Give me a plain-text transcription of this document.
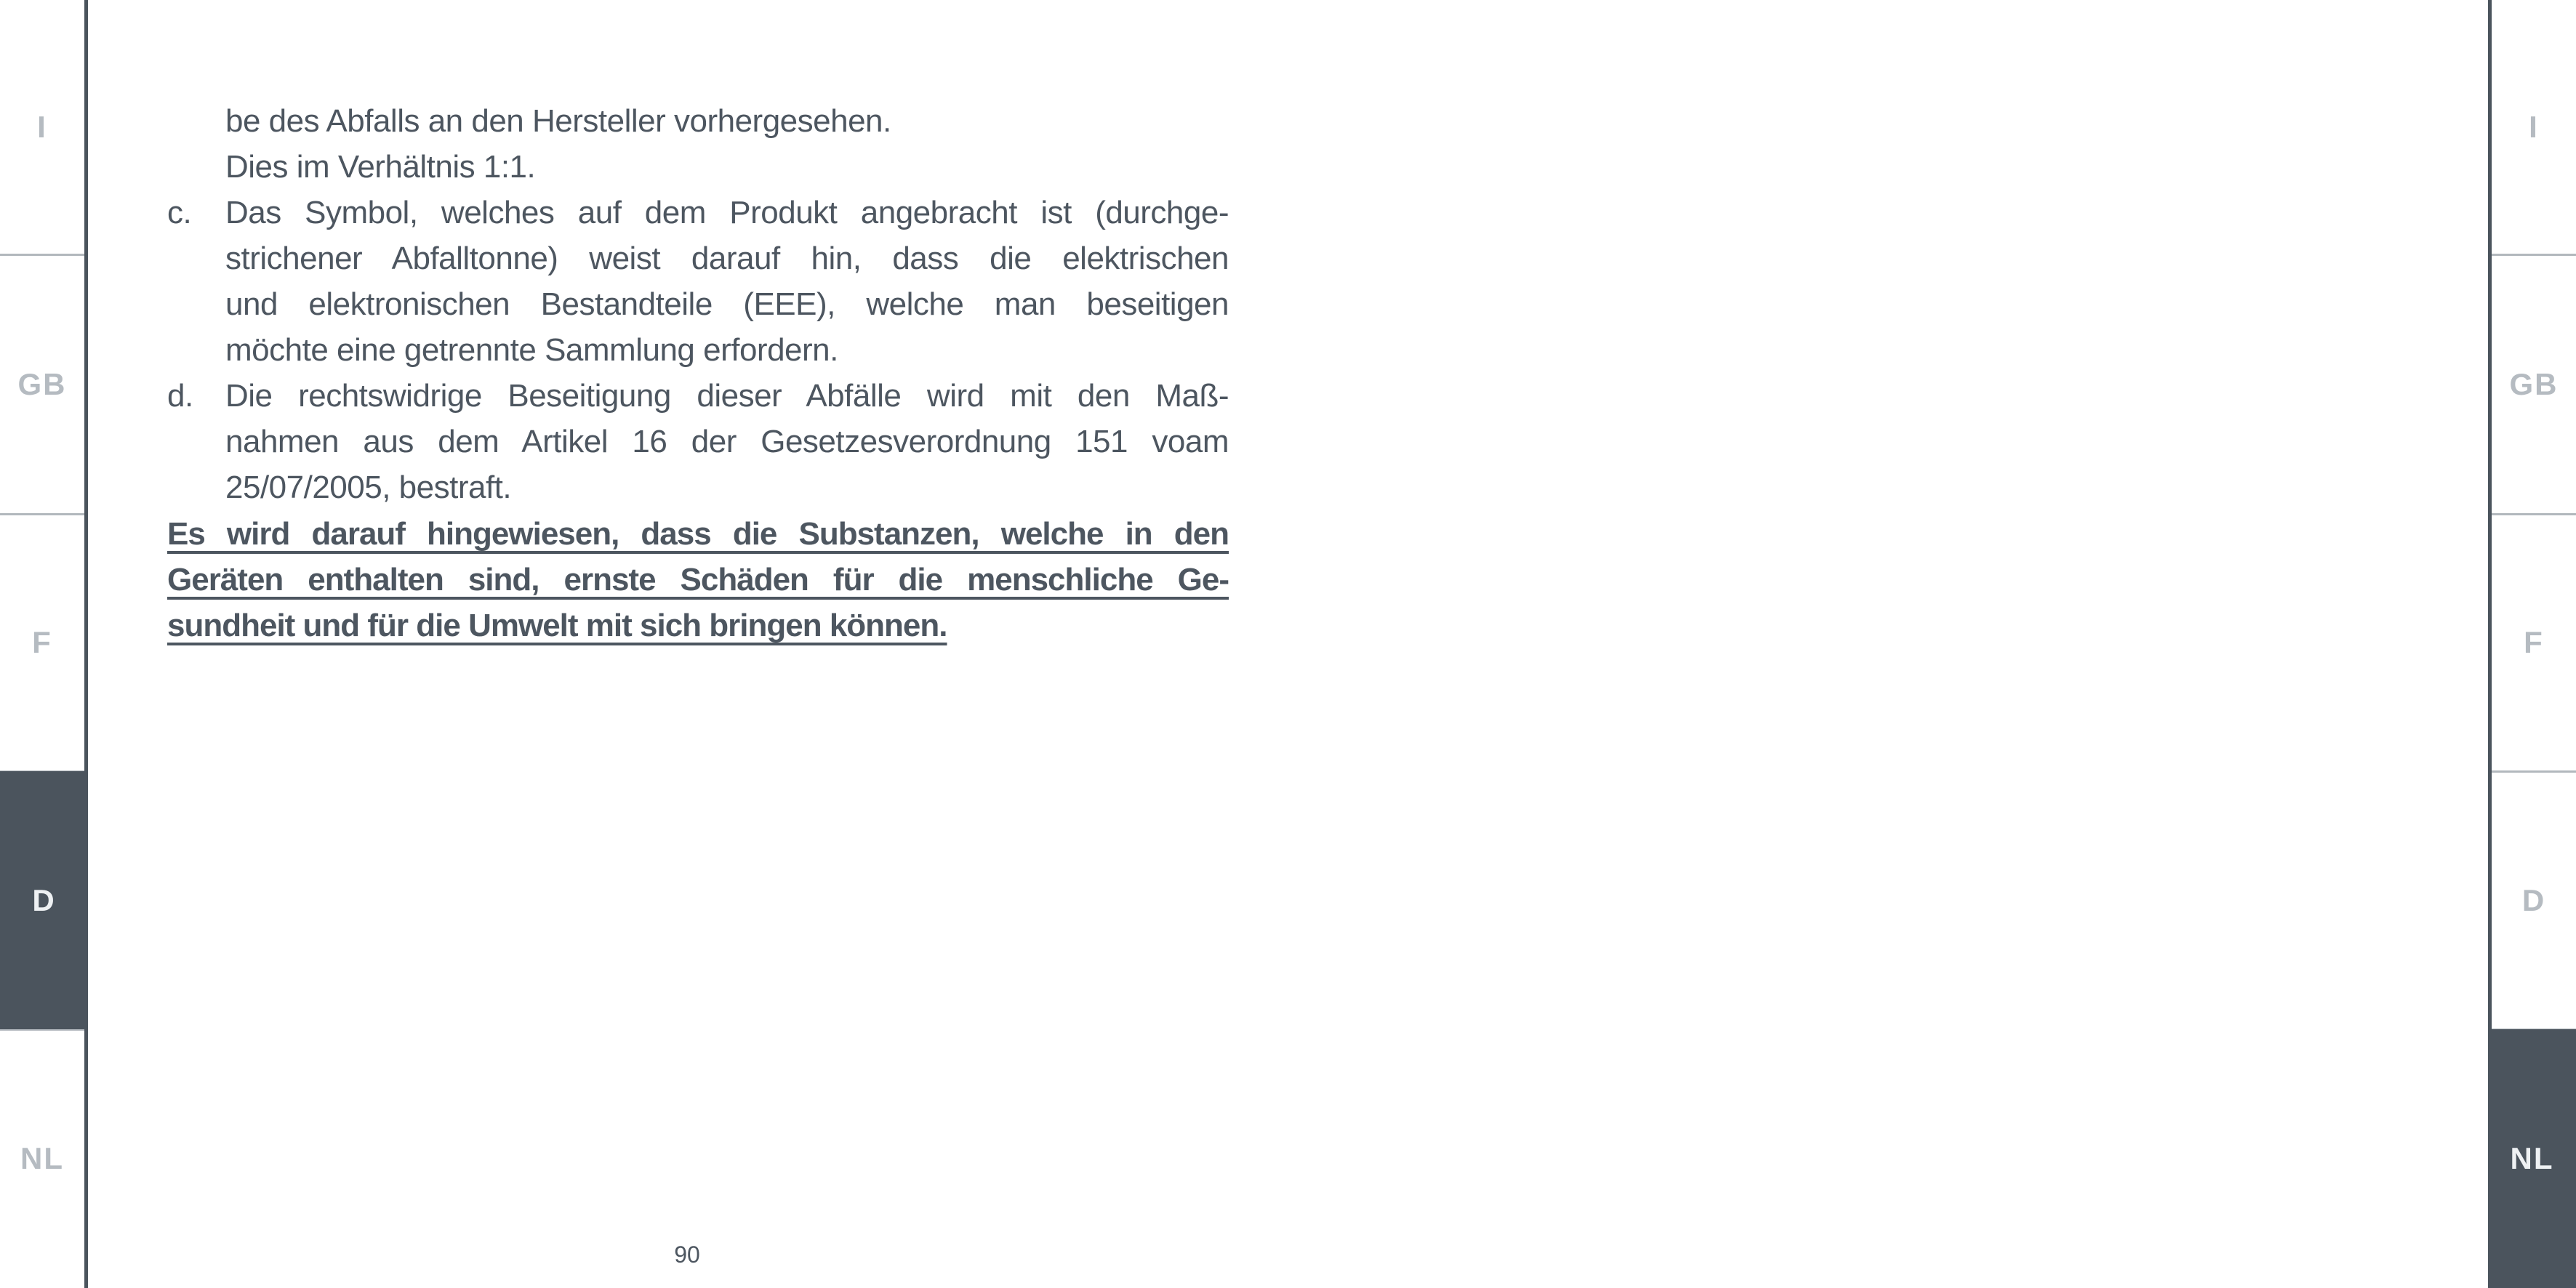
I
GB
F
D
NL
I
GB
F
D
NL
be des Abfalls an den Hersteller vorhergesehen.
Dies im Verhältnis 1:1.
c. Das Symbol, welches auf dem Produkt angebracht ist (durchge-
strichener Abfalltonne) weist darauf hin, dass die elektrischen
und elektronischen Bestandteile (EEE), welche man beseitigen
möchte eine getrennte Sammlung erfordern.
d. Die rechtswidrige Beseitigung dieser Abfälle wird mit den Maß-
nahmen aus dem Artikel 16 der Gesetzesverordnung 151 voam
25/07/2005, bestraft.
Es wird darauf hingewiesen, dass die Substanzen, welche in den
Geräten enthalten sind, ernste Schäden für die menschliche Ge-
sundheit und für die Umwelt mit sich bringen können.
90
